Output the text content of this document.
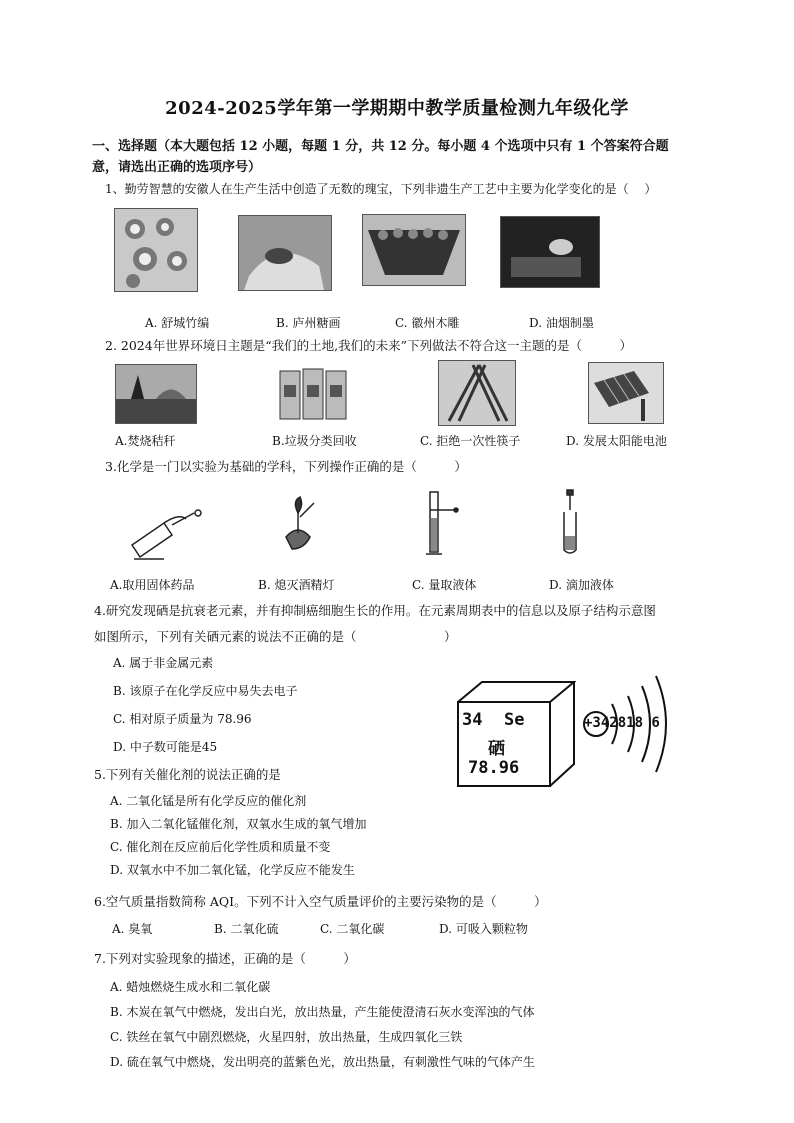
2024-2025学年第一学期期中教学质量检测九年级化学
一、选择题（本大题包括 12 小题，每题 1 分，共 12 分。每小题 4 个选项中只有 1 个答案符合题
意，请选出正确的选项序号）
1、勤劳智慧的安徽人在生产生活中创造了无数的瑰宝，下列非遗生产工艺中主要为化学变化的是（　 ）
A. 舒城竹编	B. 庐州糖画	C. 徽州木雕	D. 油烟制墨
2. 2024年世界环境日主题是“我们的土地,我们的未来”下列做法不符合这一主题的是（　　　）
A.焚烧秸秆	B.垃圾分类回收	C. 拒绝一次性筷子	D. 发展太阳能电池
3.化学是一门以实验为基础的学科，下列操作正确的是（　　　）
A.取用固体药品	B. 熄灭酒精灯	C. 量取液体	D. 滴加液体
4.研究发现硒是抗衰老元素，并有抑制癌细胞生长的作用。在元素周期表中的信息以及原子结构示意图
如图所示，下列有关硒元素的说法不正确的是（　　　　　　　）
A. 属于非金属元素
B. 该原子在化学反应中易失去电子
C. 相对原子质量为 78.96
D. 中子数可能是45
34 Se
硒
78.96
+342818 6
5.下列有关催化剂的说法正确的是
A. 二氧化锰是所有化学反应的催化剂
B. 加入二氧化锰催化剂，双氧水生成的氧气增加
C. 催化剂在反应前后化学性质和质量不变
D. 双氧水中不加二氧化锰，化学反应不能发生
6.空气质量指数简称 AQI。下列不计入空气质量评价的主要污染物的是（　　　）
A. 臭氧	B. 二氧化硫	C. 二氧化碳	D. 可吸入颗粒物
7.下列对实验现象的描述，正确的是（　　　）
A. 蜡烛燃烧生成水和二氧化碳
B. 木炭在氧气中燃烧，发出白光，放出热量，产生能使澄清石灰水变浑浊的气体
C. 铁丝在氧气中剧烈燃烧，火星四射，放出热量，生成四氧化三铁
D. 硫在氧气中燃烧，发出明亮的蓝紫色光，放出热量，有刺激性气味的气体产生
